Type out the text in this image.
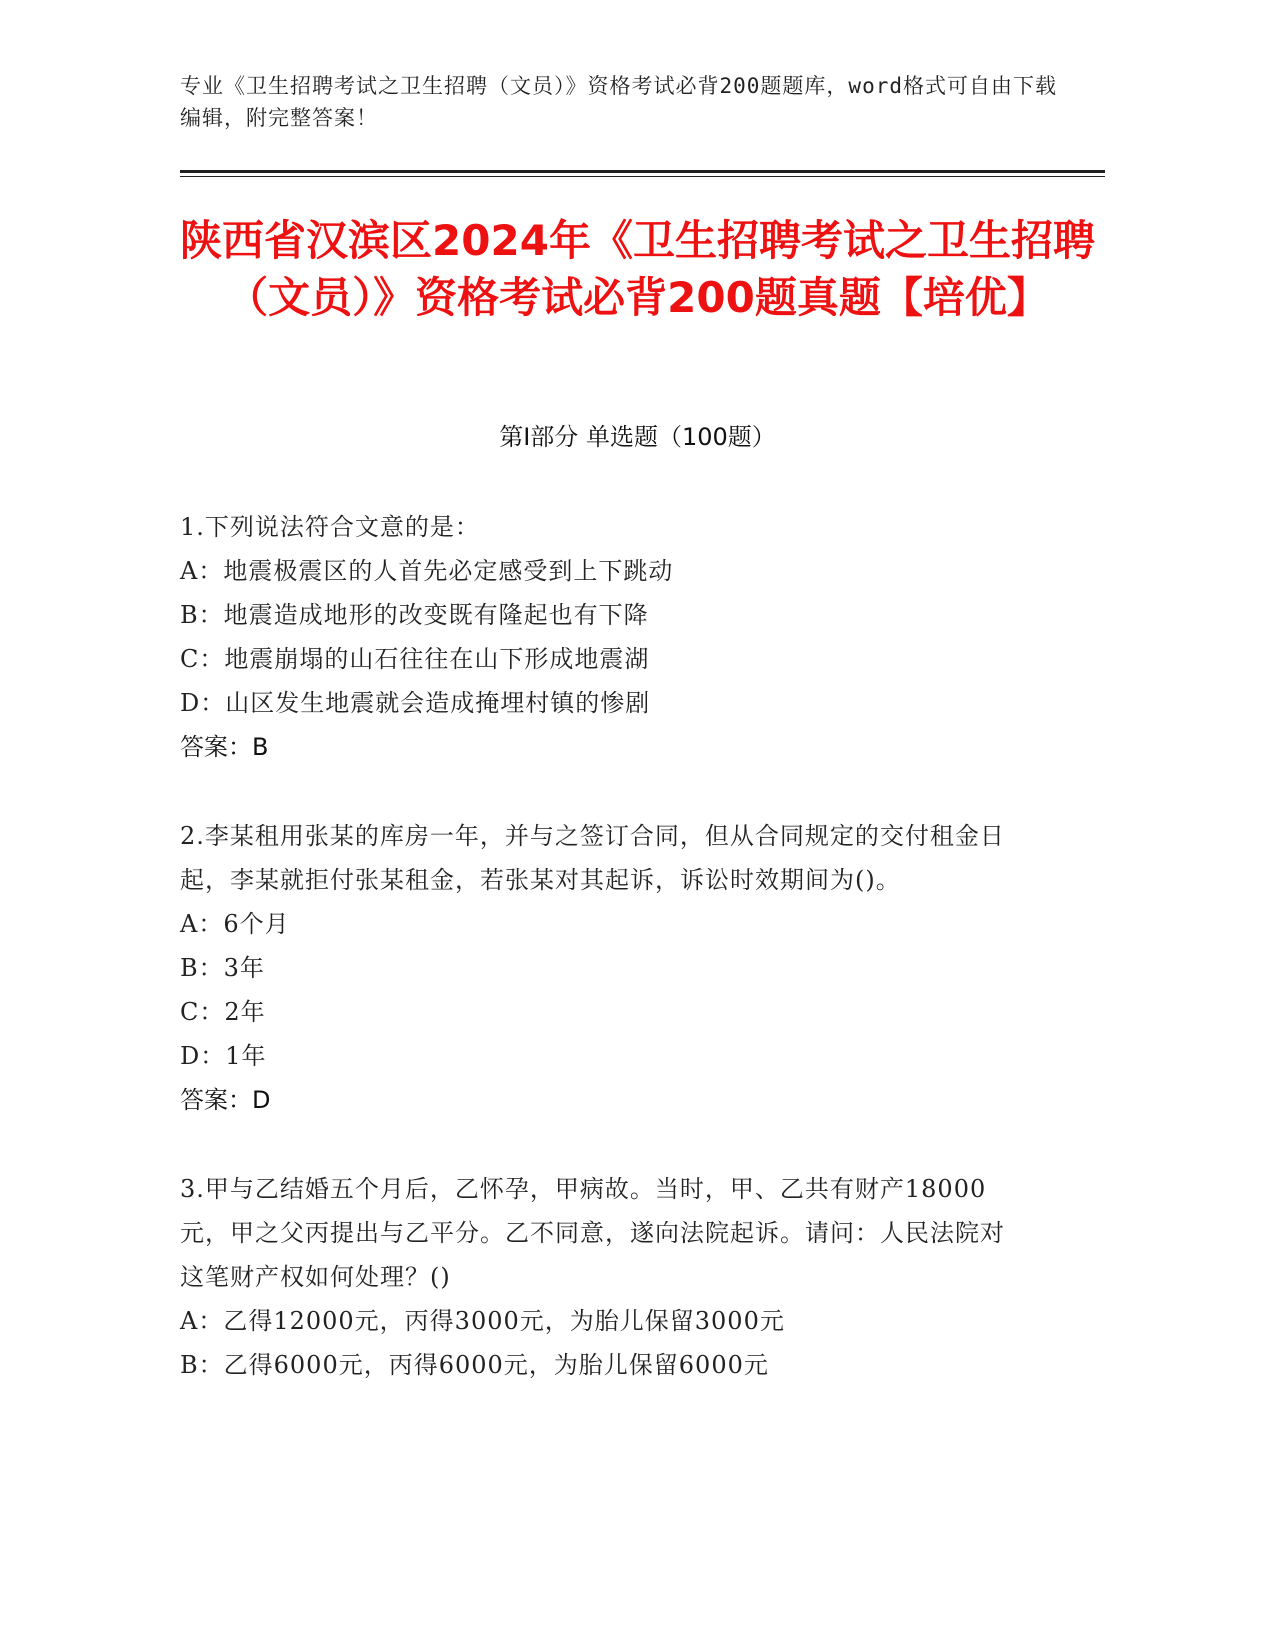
专业《卫生招聘考试之卫生招聘（文员）》资格考试必背200题题库，word格式可自由下载编辑，附完整答案！
陕西省汉滨区2024年《卫生招聘考试之卫生招聘（文员）》资格考试必背200题真题【培优】
第I部分 单选题（100题）
1.下列说法符合文意的是：
A：地震极震区的人首先必定感受到上下跳动
B：地震造成地形的改变既有隆起也有下降
C：地震崩塌的山石往往在山下形成地震湖
D：山区发生地震就会造成掩埋村镇的惨剧
答案：B
2.李某租用张某的库房一年，并与之签订合同，但从合同规定的交付租金日起，李某就拒付张某租金，若张某对其起诉，诉讼时效期间为()。
A：6个月
B：3年
C：2年
D：1年
答案：D
3.甲与乙结婚五个月后，乙怀孕，甲病故。当时，甲、乙共有财产18000元，甲之父丙提出与乙平分。乙不同意，遂向法院起诉。请问：人民法院对这笔财产权如何处理？()
A：乙得12000元，丙得3000元，为胎儿保留3000元
B：乙得6000元，丙得6000元，为胎儿保留6000元
